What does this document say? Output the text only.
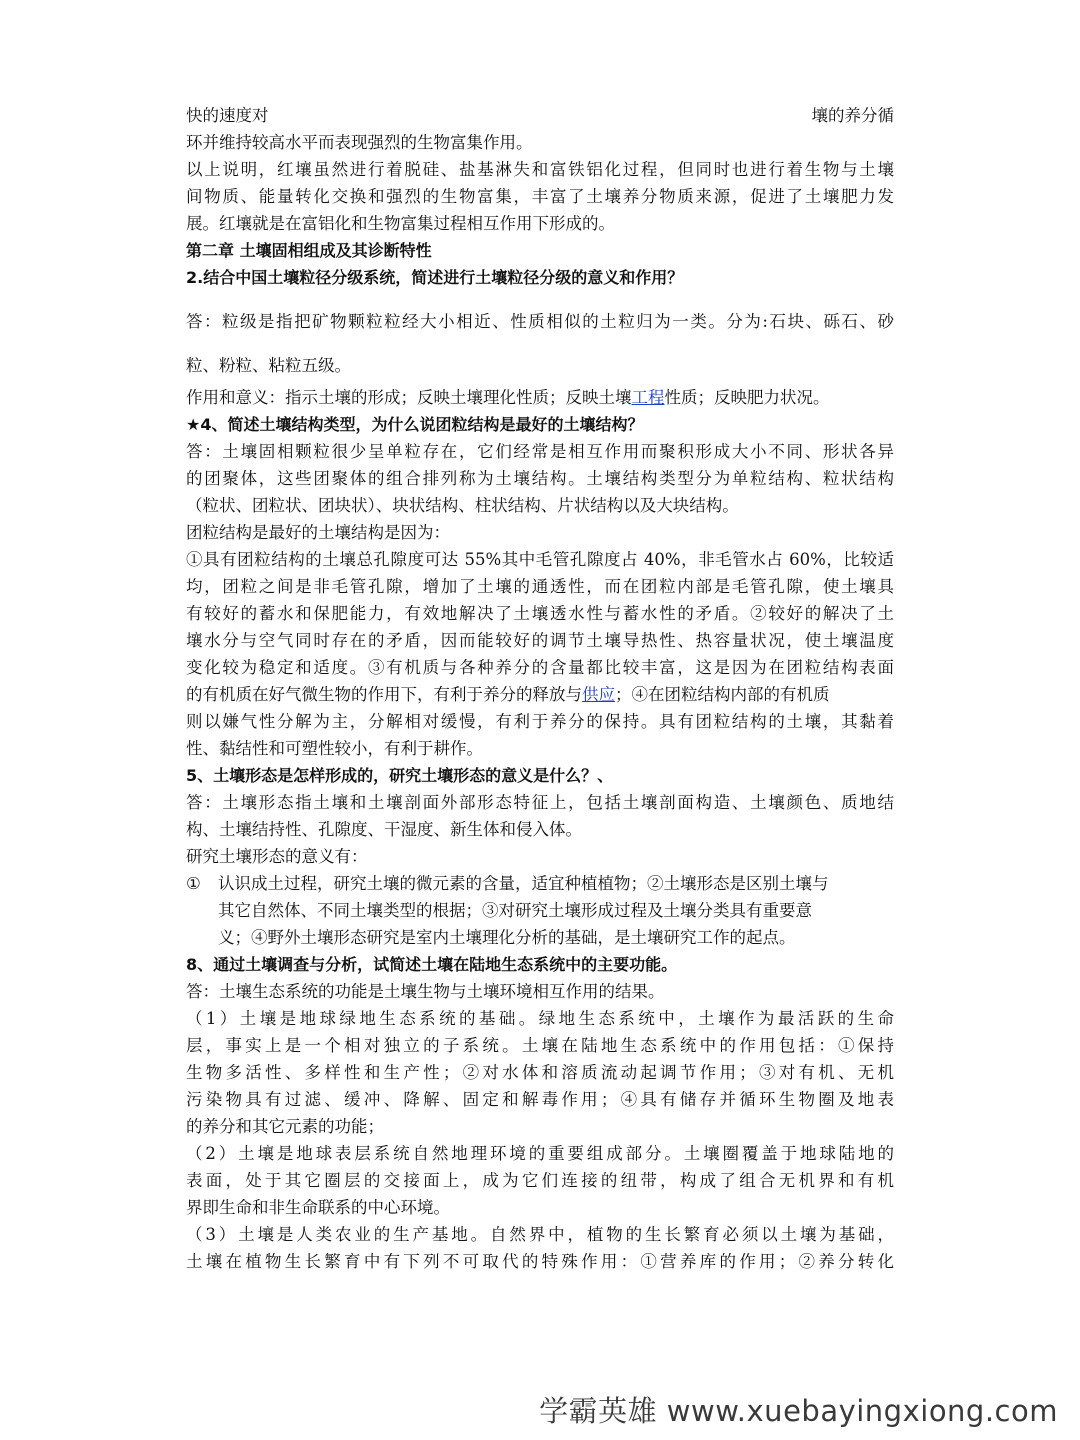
快的速度对	壤的养分循
环并维持较高水平而表现强烈的生物富集作用。
以上说明，红壤虽然进行着脱硅、盐基淋失和富铁铝化过程，但同时也进行着生物与土壤
间物质、能量转化交换和强烈的生物富集，丰富了土壤养分物质来源，促进了土壤肥力发
展。红壤就是在富铝化和生物富集过程相互作用下形成的。
第二章 土壤固相组成及其诊断特性
2.结合中国土壤粒径分级系统，简述进行土壤粒径分级的意义和作用？
答：粒级是指把矿物颗粒粒经大小相近、性质相似的土粒归为一类。分为:石块、砾石、砂
粒、粉粒、粘粒五级。
作用和意义：指示土壤的形成；反映土壤理化性质；反映土壤工程性质；反映肥力状况。
★4、简述土壤结构类型，为什么说团粒结构是最好的土壤结构？
答：土壤固相颗粒很少呈单粒存在，它们经常是相互作用而聚积形成大小不同、形状各异
的团聚体，这些团聚体的组合排列称为土壤结构。土壤结构类型分为单粒结构、粒状结构
（粒状、团粒状、团块状）、块状结构、柱状结构、片状结构以及大块结构。
团粒结构是最好的土壤结构是因为：
①具有团粒结构的土壤总孔隙度可达 55%其中毛管孔隙度占 40%，非毛管水占 60%，比较适
均，团粒之间是非毛管孔隙，增加了土壤的通透性，而在团粒内部是毛管孔隙，使土壤具
有较好的蓄水和保肥能力，有效地解决了土壤透水性与蓄水性的矛盾。②较好的解决了土
壤水分与空气同时存在的矛盾，因而能较好的调节土壤导热性、热容量状况，使土壤温度
变化较为稳定和适度。③有机质与各种养分的含量都比较丰富，这是因为在团粒结构表面
的有机质在好气微生物的作用下，有利于养分的释放与供应；④在团粒结构内部的有机质
则以嫌气性分解为主，分解相对缓慢，有利于养分的保持。具有团粒结构的土壤，其黏着
性、黏结性和可塑性较小，有利于耕作。
5、土壤形态是怎样形成的，研究土壤形态的意义是什么？、
答：土壤形态指土壤和土壤剖面外部形态特征上，包括土壤剖面构造、土壤颜色、质地结
构、土壤结持性、孔隙度、干湿度、新生体和侵入体。
研究土壤形态的意义有：
① 认识成土过程，研究土壤的微元素的含量，适宜种植植物；②土壤形态是区别土壤与
其它自然体、不同土壤类型的根据；③对研究土壤形成过程及土壤分类具有重要意
义；④野外土壤形态研究是室内土壤理化分析的基础，是土壤研究工作的起点。
8、通过土壤调查与分析，试简述土壤在陆地生态系统中的主要功能。
答：土壤生态系统的功能是土壤生物与土壤环境相互作用的结果。
（1）土壤是地球绿地生态系统的基础。绿地生态系统中，土壤作为最活跃的生命
层，事实上是一个相对独立的子系统。土壤在陆地生态系统中的作用包括：①保持
生物多活性、多样性和生产性；②对水体和溶质流动起调节作用；③对有机、无机
污染物具有过滤、缓冲、降解、固定和解毒作用；④具有储存并循环生物圈及地表
的养分和其它元素的功能；
（2）土壤是地球表层系统自然地理环境的重要组成部分。土壤圈覆盖于地球陆地的
表面，处于其它圈层的交接面上，成为它们连接的纽带，构成了组合无机界和有机
界即生命和非生命联系的中心环境。
（3）土壤是人类农业的生产基地。自然界中，植物的生长繁育必须以土壤为基础，
土壤在植物生长繁育中有下列不可取代的特殊作用：①营养库的作用；②养分转化
学霸英雄 www.xuebayingxiong.com
